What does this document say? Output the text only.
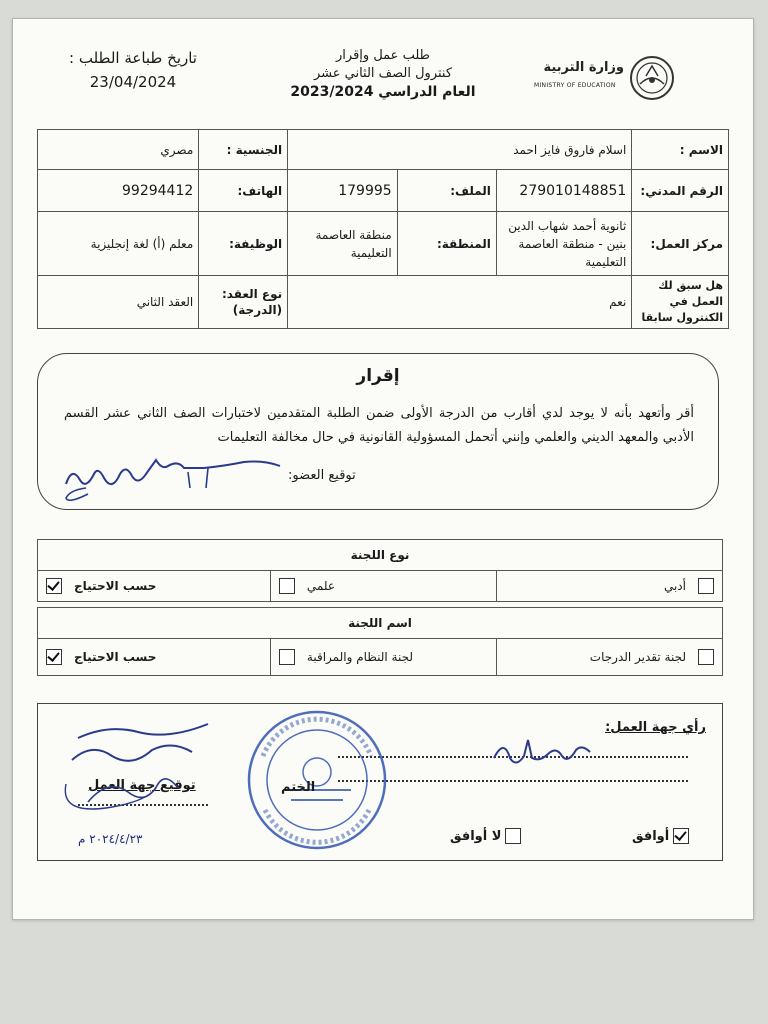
تاريخ طباعة الطلب :
23/04/2024
طلب عمل وإقرار
كنترول الصف الثاني عشر
العام الدراسي 2023/2024
وزارة التربية
MINISTRY OF EDUCATION
الاسم :	اسلام فاروق فايز احمد			الجنسية :	مصري
الرقم المدني:	279010148851	الملف:	179995	الهاتف:	99294412
مركز العمل:	ثانوية أحمد شهاب الدين بنين - منطقة العاصمة التعليمية	المنطقة:	منطقة العاصمة التعليمية	الوظيفة:	معلم (أ) لغة إنجليزية
هل سبق لك العمل في الكنترول سابقا	نعم			نوع العقد: (الدرجة)	العقد الثاني
إقرار
أقر وأتعهد بأنه لا يوجد لدي أقارب من الدرجة الأولى ضمن الطلبة المتقدمين لاختبارات الصف الثاني عشر القسم الأدبي والمعهد الديني والعلمي وإنني أتحمل المسؤولية القانونية في حال مخالفة التعليمات
توقيع العضو:
نوع اللجنة

أدبي

علمي

حسب الاحتياج
اسم اللجنة

لجنة تقدير الدرجات

لجنة النظام والمراقبة

حسب الاحتياج
رأي جهة العمل:
الختم
توقيع جهة العمل
٢٠٢٤/٤/٢٣ م	لا أوافق	أوافق
